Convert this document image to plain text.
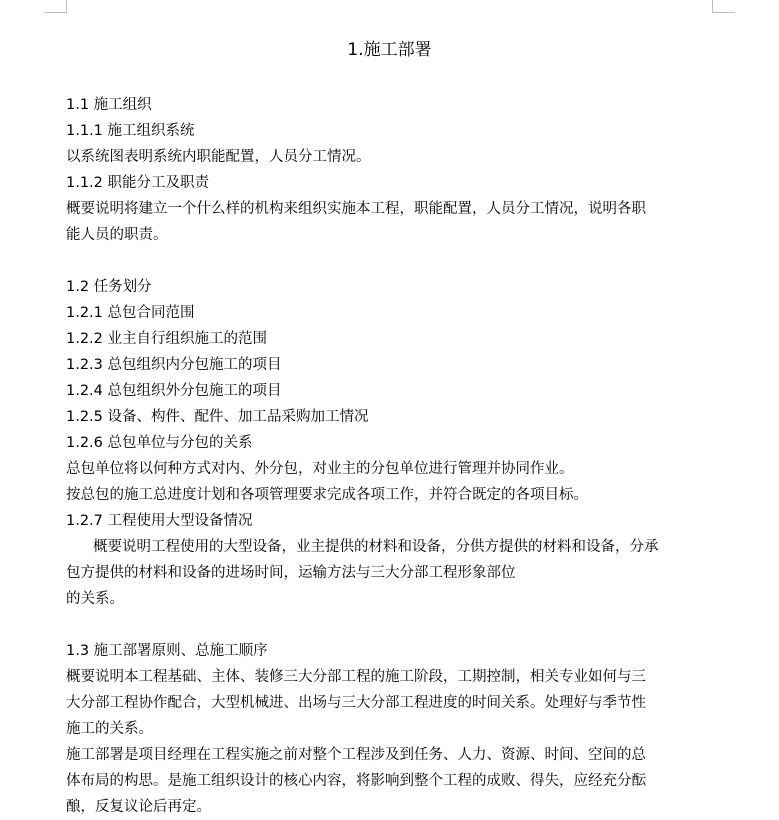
1.施工部署
1.1 施工组织
1.1.1 施工组织系统
以系统图表明系统内职能配置，人员分工情况。
1.1.2 职能分工及职责
概要说明将建立一个什么样的机构来组织实施本工程，职能配置，人员分工情况，说明各职
能人员的职责。
1.2 任务划分
1.2.1 总包合同范围
1.2.2 业主自行组织施工的范围
1.2.3 总包组织内分包施工的项目
1.2.4 总包组织外分包施工的项目
1.2.5 设备、构件、配件、加工品采购加工情况
1.2.6 总包单位与分包的关系
总包单位将以何种方式对内、外分包，对业主的分包单位进行管理并协同作业。
按总包的施工总进度计划和各项管理要求完成各项工作，并符合既定的各项目标。
1.2.7 工程使用大型设备情况
概要说明工程使用的大型设备，业主提供的材料和设备，分供方提供的材料和设备，分承
包方提供的材料和设备的进场时间，运输方法与三大分部工程形象部位
的关系。
1.3 施工部署原则、总施工顺序
概要说明本工程基础、主体、装修三大分部工程的施工阶段，工期控制，相关专业如何与三
大分部工程协作配合，大型机械进、出场与三大分部工程进度的时间关系。处理好与季节性
施工的关系。
施工部署是项目经理在工程实施之前对整个工程涉及到任务、人力、资源、时间、空间的总
体布局的构思。是施工组织设计的核心内容，将影响到整个工程的成败、得失，应经充分酝
酿，反复议论后再定。
